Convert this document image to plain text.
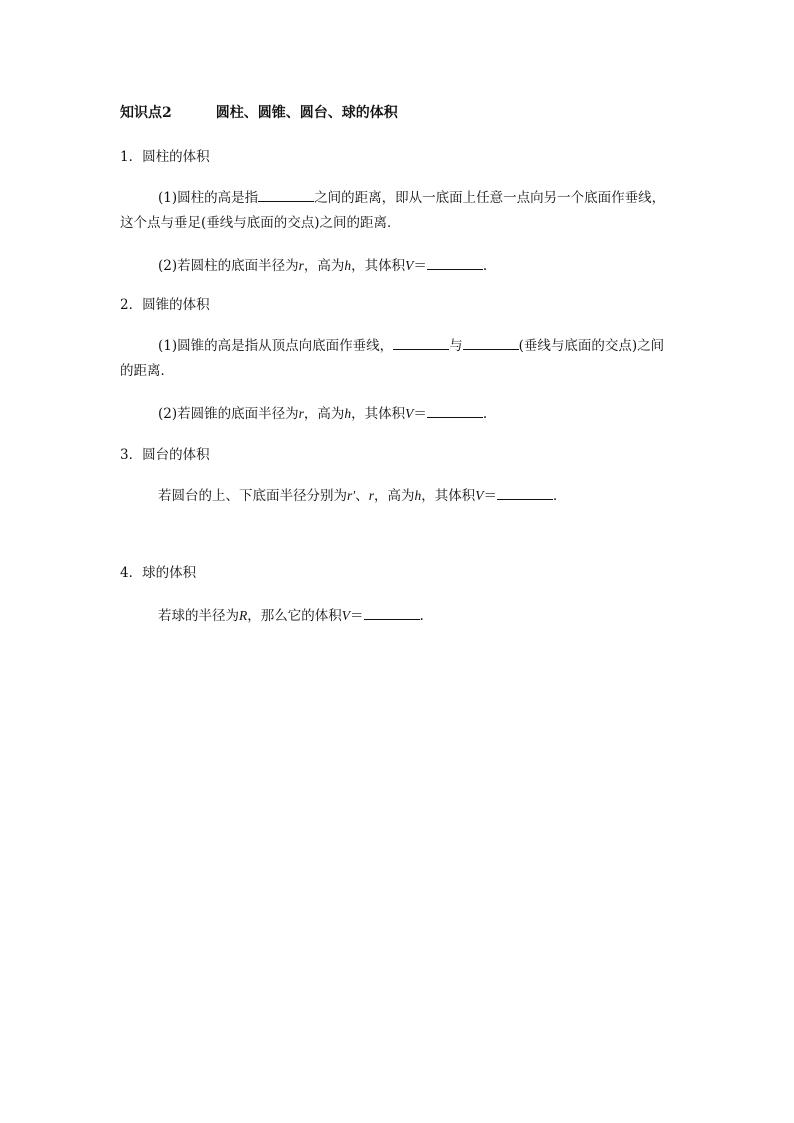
知识点2	圆柱、圆锥、圆台、球的体积
1．圆柱的体积
(1)圆柱的高是指	之间的距离，即从一底面上任意一点向另一个底面作垂线，
这个点与垂足(垂线与底面的交点)之间的距离．
(2)若圆柱的底面半径为r，高为h，其体积V＝	.
2．圆锥的体积
(1)圆锥的高是指从顶点向底面作垂线，	与	(垂线与底面的交点)之间
的距离．
(2)若圆锥的底面半径为r，高为h，其体积V＝	.
3．圆台的体积
若圆台的上、下底面半径分别为r′、r，高为h，其体积V＝	．
4．球的体积
若球的半径为R，那么它的体积V＝	.
